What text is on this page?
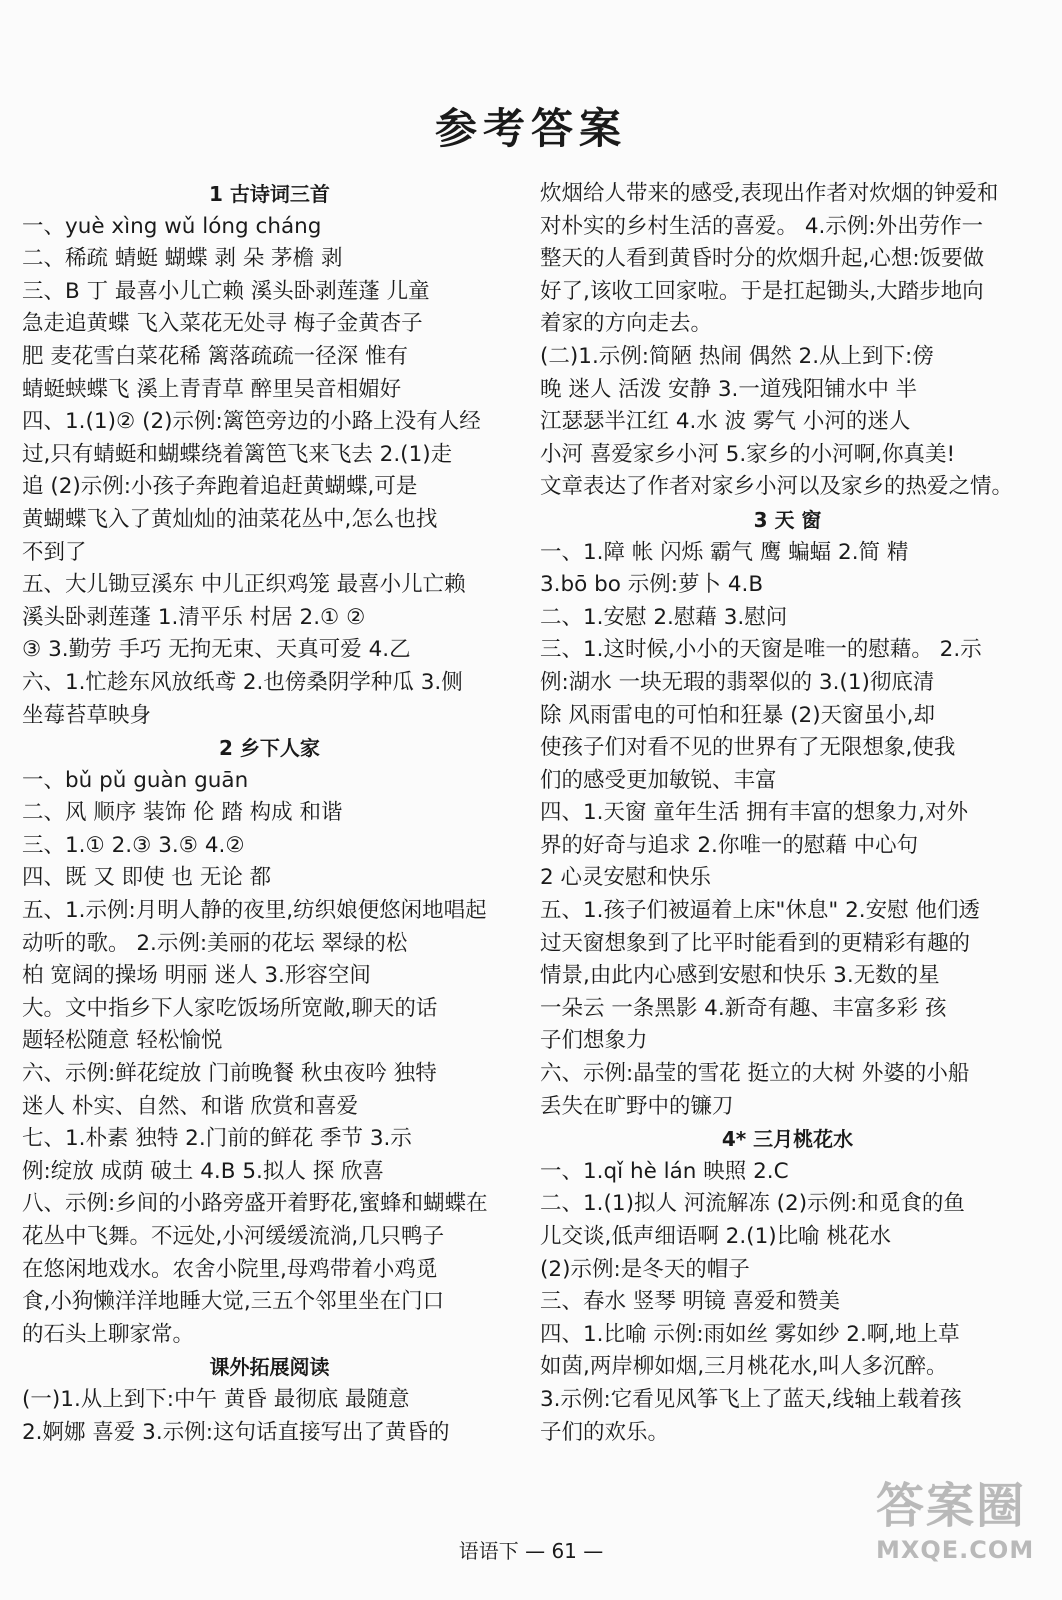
参考答案
1 古诗词三首
一、yuè xìng wǔ lóng cháng
二、稀疏 蜻蜓 蝴蝶 剥 朵 茅檐 剥
三、B 丁 最喜小儿亡赖 溪头卧剥莲蓬 儿童
急走追黄蝶 飞入菜花无处寻 梅子金黄杏子
肥 麦花雪白菜花稀 篱落疏疏一径深 惟有
蜻蜓蛱蝶飞 溪上青青草 醉里吴音相媚好
四、1.(1)② (2)示例:篱笆旁边的小路上没有人经
过,只有蜻蜓和蝴蝶绕着篱笆飞来飞去 2.(1)走
追 (2)示例:小孩子奔跑着追赶黄蝴蝶,可是
黄蝴蝶飞入了黄灿灿的油菜花丛中,怎么也找
不到了
五、大儿锄豆溪东 中儿正织鸡笼 最喜小儿亡赖
溪头卧剥莲蓬 1.清平乐 村居 2.① ②
③ 3.勤劳 手巧 无拘无束、天真可爱 4.乙
六、1.忙趁东风放纸鸢 2.也傍桑阴学种瓜 3.侧
坐莓苔草映身
2 乡下人家
一、bǔ pǔ guàn guān
二、风 顺序 装饰 伦 踏 构成 和谐
三、1.① 2.③ 3.⑤ 4.②
四、既 又 即使 也 无论 都
五、1.示例:月明人静的夜里,纺织娘便悠闲地唱起
动听的歌。 2.示例:美丽的花坛 翠绿的松
柏 宽阔的操场 明丽 迷人 3.形容空间
大。文中指乡下人家吃饭场所宽敞,聊天的话
题轻松随意 轻松愉悦
六、示例:鲜花绽放 门前晚餐 秋虫夜吟 独特
迷人 朴实、自然、和谐 欣赏和喜爱
七、1.朴素 独特 2.门前的鲜花 季节 3.示
例:绽放 成荫 破土 4.B 5.拟人 探 欣喜
八、示例:乡间的小路旁盛开着野花,蜜蜂和蝴蝶在
花丛中飞舞。不远处,小河缓缓流淌,几只鸭子
在悠闲地戏水。农舍小院里,母鸡带着小鸡觅
食,小狗懒洋洋地睡大觉,三五个邻里坐在门口
的石头上聊家常。
课外拓展阅读
(一)1.从上到下:中午 黄昏 最彻底 最随意
2.婀娜 喜爱 3.示例:这句话直接写出了黄昏的
炊烟给人带来的感受,表现出作者对炊烟的钟爱和
对朴实的乡村生活的喜爱。 4.示例:外出劳作一
整天的人看到黄昏时分的炊烟升起,心想:饭要做
好了,该收工回家啦。于是扛起锄头,大踏步地向
着家的方向走去。
(二)1.示例:简陋 热闹 偶然 2.从上到下:傍
晚 迷人 活泼 安静 3.一道残阳铺水中 半
江瑟瑟半江红 4.水 波 雾气 小河的迷人
小河 喜爱家乡小河 5.家乡的小河啊,你真美!
文章表达了作者对家乡小河以及家乡的热爱之情。
3 天 窗
一、1.障 帐 闪烁 霸气 鹰 蝙蝠 2.简 精
3.bō bo 示例:萝卜 4.B
二、1.安慰 2.慰藉 3.慰问
三、1.这时候,小小的天窗是唯一的慰藉。 2.示
例:湖水 一块无瑕的翡翠似的 3.(1)彻底清
除 风雨雷电的可怕和狂暴 (2)天窗虽小,却
使孩子们对看不见的世界有了无限想象,使我
们的感受更加敏锐、丰富
四、1.天窗 童年生活 拥有丰富的想象力,对外
界的好奇与追求 2.你唯一的慰藉 中心句
2 心灵安慰和快乐
五、1.孩子们被逼着上床"休息" 2.安慰 他们透
过天窗想象到了比平时能看到的更精彩有趣的
情景,由此内心感到安慰和快乐 3.无数的星
一朵云 一条黑影 4.新奇有趣、丰富多彩 孩
子们想象力
六、示例:晶莹的雪花 挺立的大树 外婆的小船
丢失在旷野中的镰刀
4* 三月桃花水
一、1.qǐ hè lán 映照 2.C
二、1.(1)拟人 河流解冻 (2)示例:和觅食的鱼
儿交谈,低声细语啊 2.(1)比喻 桃花水
(2)示例:是冬天的帽子
三、春水 竖琴 明镜 喜爱和赞美
四、1.比喻 示例:雨如丝 雾如纱 2.啊,地上草
如茵,两岸柳如烟,三月桃花水,叫人多沉醉。
3.示例:它看见风筝飞上了蓝天,线轴上载着孩
子们的欢乐。
语语下 — 61 —
答案圈
MXQE.COM
